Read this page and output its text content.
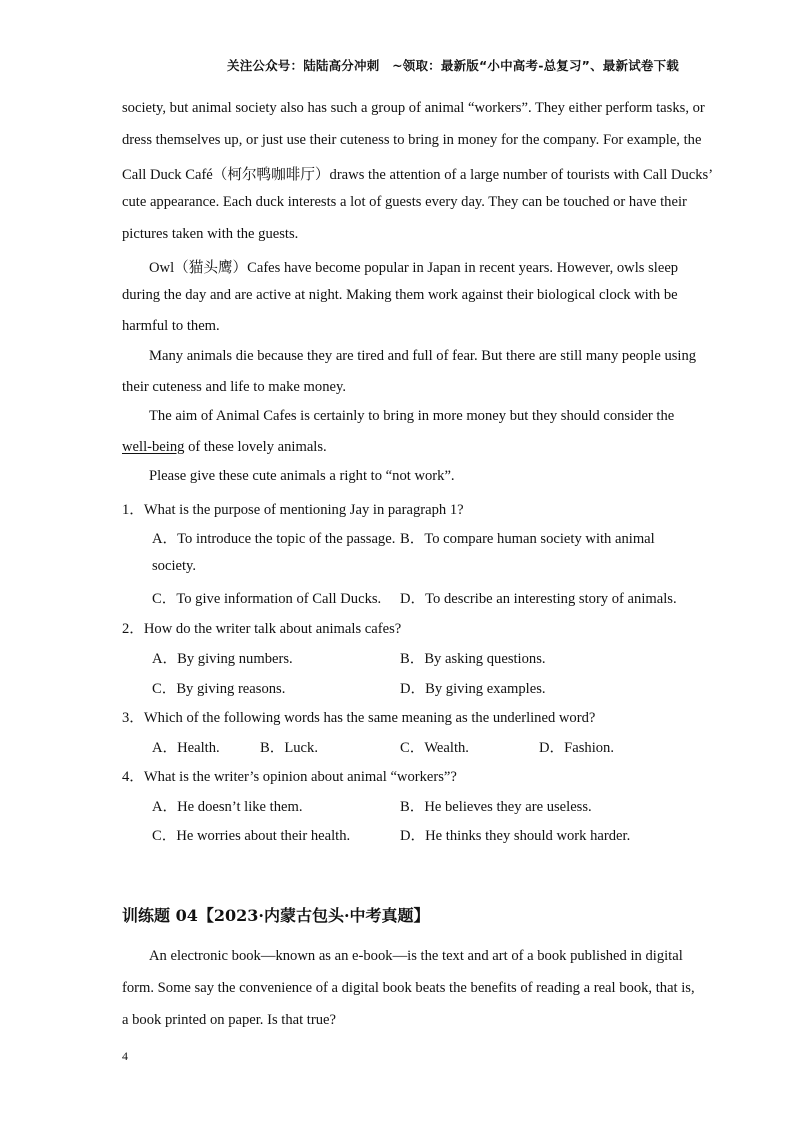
关注公众号：陆陆高分冲刺　~领取：最新版“小中高考-总复习”、最新试卷下载
society, but animal society also has such a group of animal “workers”. They either perform tasks, or
dress themselves up, or just use their cuteness to bring in money for the company. For example, the
Call Duck Café（柯尔鸭咖啡厅）draws the attention of a large number of tourists with Call Ducks’
cute appearance. Each duck interests a lot of guests every day. They can be touched or have their
pictures taken with the guests.
Owl（猫头鹰）Cafes have become popular in Japan in recent years. However, owls sleep
during the day and are active at night. Making them work against their biological clock with be
harmful to them.
Many animals die because they are tired and full of fear. But there are still many people using
their cuteness and life to make money.
The aim of Animal Cafes is certainly to bring in more money but they should consider the
well-being of these lovely animals.
Please give these cute animals a right to “not work”.
1．What is the purpose of mentioning Jay in paragraph 1?
A．To introduce the topic of the passage. B．To compare human society with animal
society.
C．To give information of Call Ducks. D．To describe an interesting story of animals.
2．How do the writer talk about animals cafes?
A．By giving numbers.	B．By asking questions.
C．By giving reasons.	D．By giving examples.
3．Which of the following words has the same meaning as the underlined word?
A．Health.	B．Luck.	C．Wealth.	D．Fashion.
4．What is the writer’s opinion about animal “workers”?
A．He doesn’t like them.	B．He believes they are useless.
C．He worries about their health.	D．He thinks they should work harder.
训练题 04【2023·内蒙古包头·中考真题】
An electronic book—known as an e-book—is the text and art of a book published in digital
form. Some say the convenience of a digital book beats the benefits of reading a real book, that is,
a book printed on paper. Is that true?
4
